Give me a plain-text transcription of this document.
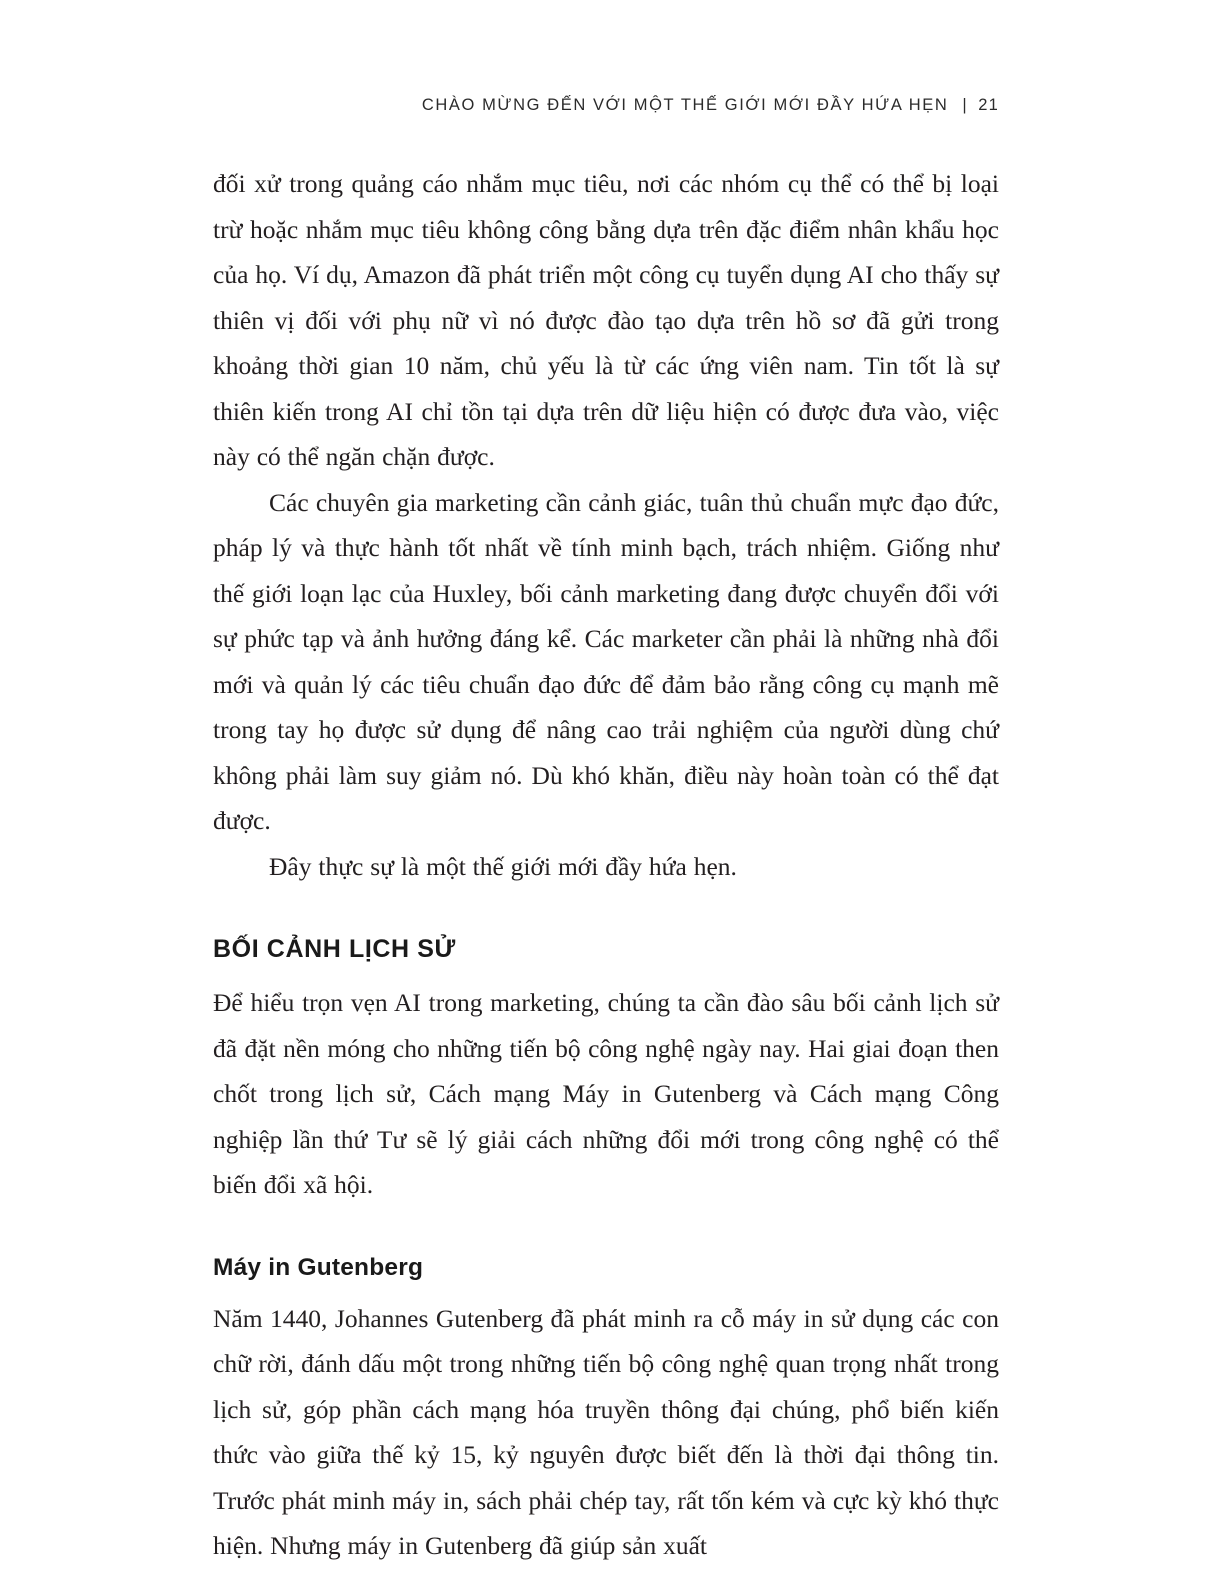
CHÀO MỪNG ĐẾN VỚI MỘT THẾ GIỚI MỚI ĐẦY HỨA HẸN | 21

đối xử trong quảng cáo nhắm mục tiêu, nơi các nhóm cụ thể có thể bị loại trừ hoặc nhắm mục tiêu không công bằng dựa trên đặc điểm nhân khẩu học của họ. Ví dụ, Amazon đã phát triển một công cụ tuyển dụng AI cho thấy sự thiên vị đối với phụ nữ vì nó được đào tạo dựa trên hồ sơ đã gửi trong khoảng thời gian 10 năm, chủ yếu là từ các ứng viên nam. Tin tốt là sự thiên kiến trong AI chỉ tồn tại dựa trên dữ liệu hiện có được đưa vào, việc này có thể ngăn chặn được.

Các chuyên gia marketing cần cảnh giác, tuân thủ chuẩn mực đạo đức, pháp lý và thực hành tốt nhất về tính minh bạch, trách nhiệm. Giống như thế giới loạn lạc của Huxley, bối cảnh marketing đang được chuyển đổi với sự phức tạp và ảnh hưởng đáng kể. Các marketer cần phải là những nhà đổi mới và quản lý các tiêu chuẩn đạo đức để đảm bảo rằng công cụ mạnh mẽ trong tay họ được sử dụng để nâng cao trải nghiệm của người dùng chứ không phải làm suy giảm nó. Dù khó khăn, điều này hoàn toàn có thể đạt được.

Đây thực sự là một thế giới mới đầy hứa hẹn.

BỐI CẢNH LỊCH SỬ

Để hiểu trọn vẹn AI trong marketing, chúng ta cần đào sâu bối cảnh lịch sử đã đặt nền móng cho những tiến bộ công nghệ ngày nay. Hai giai đoạn then chốt trong lịch sử, Cách mạng Máy in Gutenberg và Cách mạng Công nghiệp lần thứ Tư sẽ lý giải cách những đổi mới trong công nghệ có thể biến đổi xã hội.

Máy in Gutenberg

Năm 1440, Johannes Gutenberg đã phát minh ra cỗ máy in sử dụng các con chữ rời, đánh dấu một trong những tiến bộ công nghệ quan trọng nhất trong lịch sử, góp phần cách mạng hóa truyền thông đại chúng, phổ biến kiến thức vào giữa thế kỷ 15, kỷ nguyên được biết đến là thời đại thông tin. Trước phát minh máy in, sách phải chép tay, rất tốn kém và cực kỳ khó thực hiện. Nhưng máy in Gutenberg đã giúp sản xuất
